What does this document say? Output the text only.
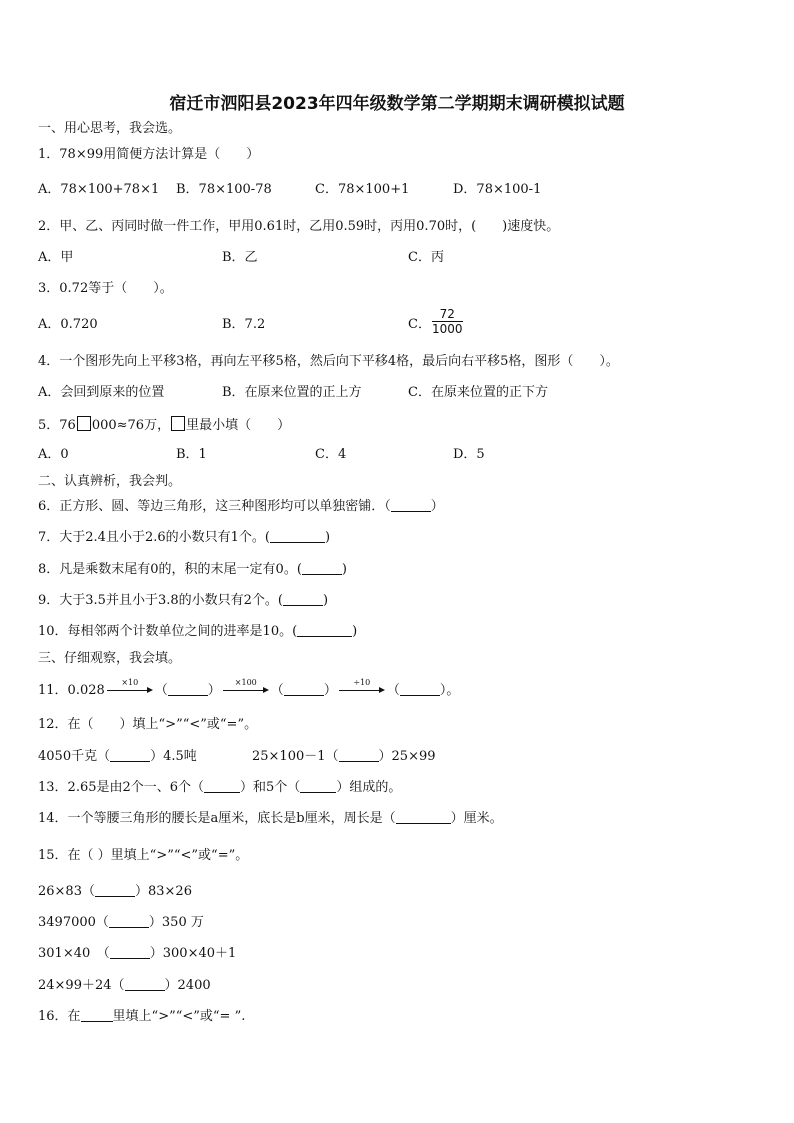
宿迁市泗阳县2023年四年级数学第二学期期末调研模拟试题
一、用心思考，我会选。
1．78×99用简便方法计算是（　　）
A．78×100+78×1 B．78×100-78	C．78×100+1	D．78×100-1
2．甲、乙、丙同时做一件工作，甲用0.61时，乙用0.59时，丙用0.70时，(　　)速度快。
A．甲	B．乙	C．丙
3．0.72等于（　　）。
A．0.720	B．7.2	C． $\frac{72}{1000}$
4．一个图形先向上平移3格，再向左平移5格，然后向下平移4格，最后向右平移5格，图形（　　）。
A．会回到原来的位置	B．在原来位置的正上方	C．在原来位置的正下方
5．76 000≈76万， 里最小填（　　）
A．0	B．1	C．4	D．5
二、认真辨析，我会判。
6．正方形、圆、等边三角形，这三种图形均可以单独密铺．（	）
7．大于2.4且小于2.6的小数只有1个。(	)
8．凡是乘数末尾有0的，积的末尾一定有0。(	)
9．大于3.5并且小于3.8的小数只有2个。(	)
10．每相邻两个计数单位之间的进率是10。(	)
三、仔细观察，我会填。
11．0.028
×10
（	）
×100
（	）
÷10
（	）。
12．在（　　）填上“>”“<”或“=”。
4050千克（	）4.5吨	25×100－1（	）25×99
13．2.65是由2个一、6个（	）和5个（	）组成的。
14．一个等腰三角形的腰长是a厘米，底长是b厘米，周长是（	）厘米。
15．在（ ）里填上“>”“<”或“=”。
26×83（	）83×26
3497000（	）350 万
301×40　（	）300×40＋1
24×99＋24（	）2400
16．在 里填上“>”“<”或“= ”.
